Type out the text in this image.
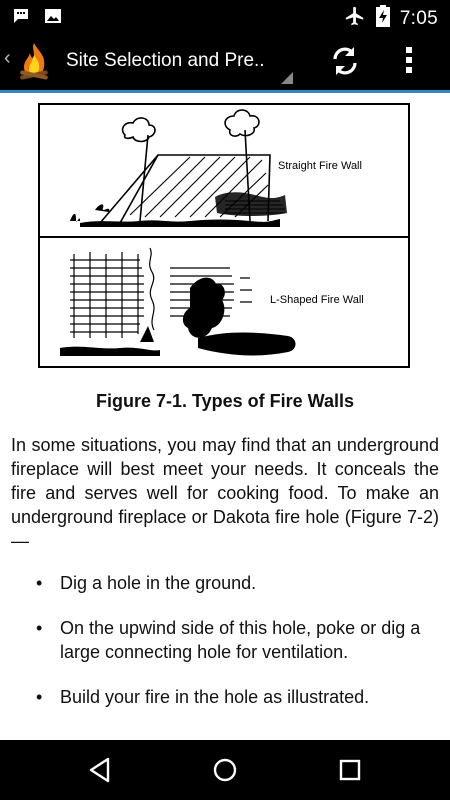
7:05
‹	Site Selection and Pre..
Straight Fire Wall
L-Shaped Fire Wall
Figure 7-1. Types of Fire Walls
In some situations, you may find that an underground fireplace will best meet your needs. It conceals the fire and serves well for cooking food. To make an underground fireplace or Dakota fire hole (Figure 7-2)—
• Dig a hole in the ground.
• On the upwind side of this hole, poke or dig a large connecting hole for ventilation.
• Build your fire in the hole as illustrated.
